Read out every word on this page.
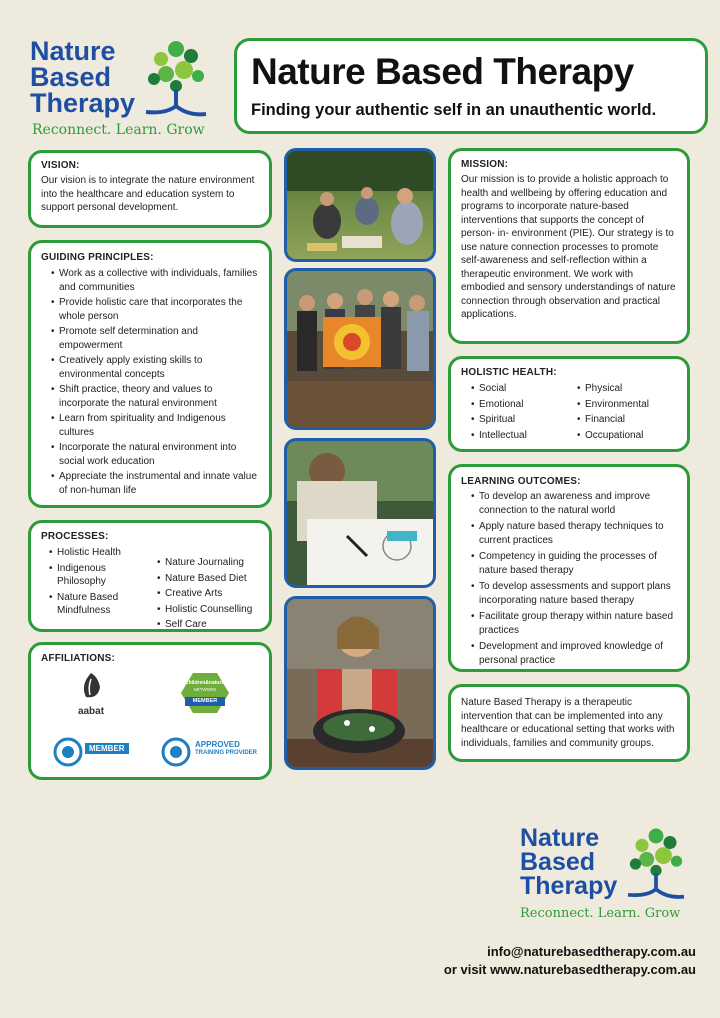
Nature
Based
Therapy
Reconnect. Learn. Grow
Nature Based Therapy
Finding your authentic self in an unauthentic world.
VISION:

Our vision is to integrate the nature environment into the healthcare and education system to support personal development.

GUIDING PRINCIPLES:
• Work as a collective with individuals, families and communities
• Provide holistic care that incorporates the whole person
• Promote self determination and empowerment
• Creatively apply existing skills to environmental concepts
• Shift practice, theory and values to incorporate the natural environment
• Learn from spirituality and Indigenous cultures
• Incorporate the natural environment into social work education
• Appreciate the instrumental and innate value of non-human life
PROCESSES:
• Holistic Health
• Indigenous Philosophy
• Nature Based Mindfulness
• Nature Journaling
• Nature Based Diet
• Creative Arts
• Holistic Counselling
• Self Care
AFFILIATIONS:
aabat
children&nature
NETWORK
MEMBER
MEMBER	APPROVED
TRAINING PROVIDER
MISSION:

Our mission is to provide a holistic approach to health and wellbeing by offering education and programs to incorporate nature-based interventions that supports the concept of person- in- environment (PIE). Our strategy is to use nature connection processes to promote self-awareness and self-reflection within a therapeutic environment. We work with embodied and sensory understandings of nature connection through observation and practical applications.

HOLISTIC HEALTH:
• Social
• Emotional
• Spiritual
• Intellectual
• Physical
• Environmental
• Financial
• Occupational
LEARNING OUTCOMES:
• To develop an awareness and improve connection to the natural world
• Apply nature based therapy techniques to current practices
• Competency in guiding the processes of nature based therapy
• To develop assessments and support plans incorporating nature based therapy
• Facilitate group therapy within nature based practices
• Development and improved knowledge of personal practice

Nature Based Therapy is a therapeutic intervention that can be implemented into any healthcare or educational setting that works with individuals, families and community groups.

Nature
Based
Therapy
Reconnect. Learn. Grow
info@naturebasedtherapy.com.au
or visit www.naturebasedtherapy.com.au
